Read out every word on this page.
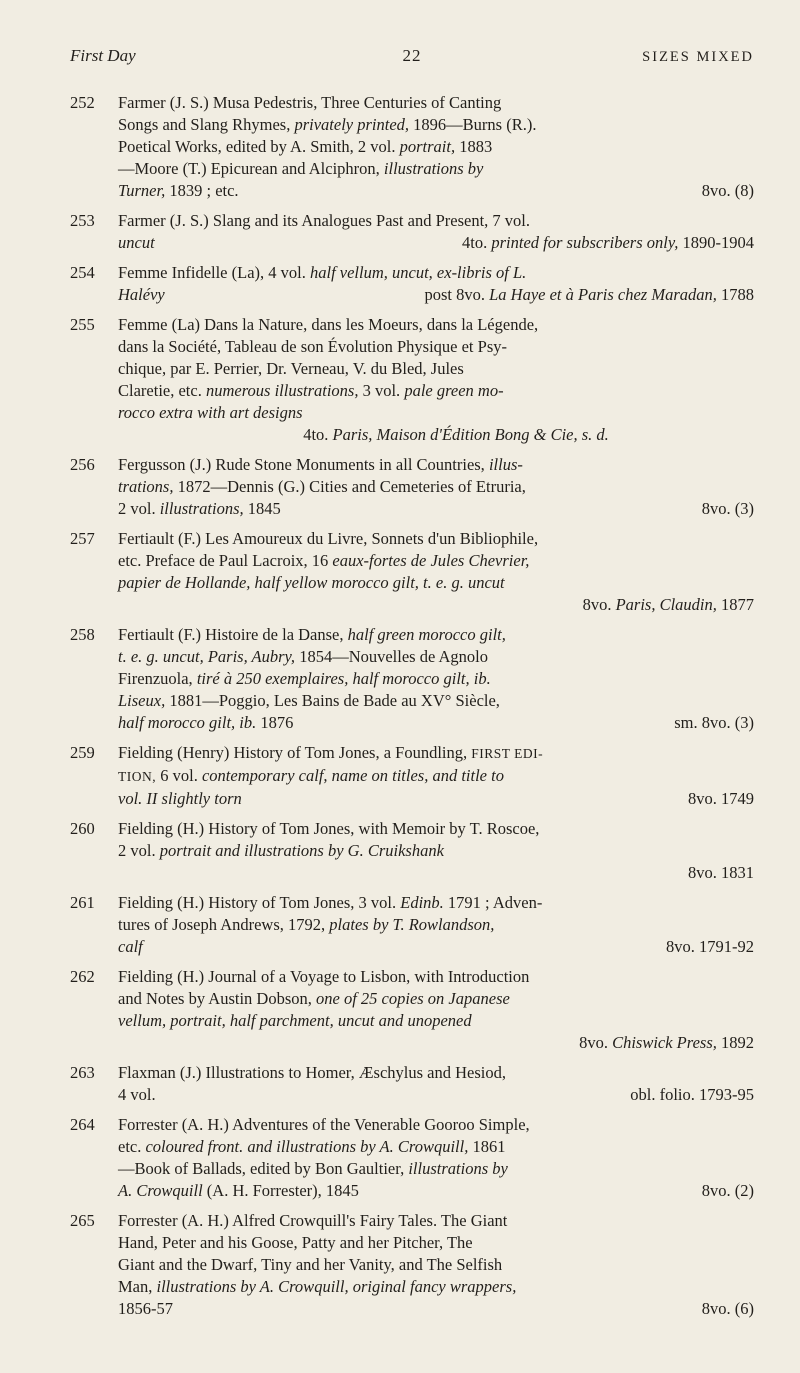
First Day	22	SIZES MIXED
252	Farmer (J. S.) Musa Pedestris, Three Centuries of Canting
Songs and Slang Rhymes, privately printed, 1896—Burns (R.).
Poetical Works, edited by A. Smith, 2 vol. portrait, 1883
—Moore (T.) Epicurean and Alciphron, illustrations by
Turner, 1839 ; etc.	8vo. (8)
253	Farmer (J. S.) Slang and its Analogues Past and Present, 7 vol.
uncut	4to. printed for subscribers only, 1890-1904
254	Femme Infidelle (La), 4 vol. half vellum, uncut, ex-libris of L.
Halévy	post 8vo. La Haye et à Paris chez Maradan, 1788
255	Femme (La) Dans la Nature, dans les Moeurs, dans la Légende,
dans la Société, Tableau de son Évolution Physique et Psy-
chique, par E. Perrier, Dr. Verneau, V. du Bled, Jules
Claretie, etc. numerous illustrations, 3 vol. pale green mo-
rocco extra with art designs
4to. Paris, Maison d'Édition Bong & Cie, s. d.
256	Fergusson (J.) Rude Stone Monuments in all Countries, illus-
trations, 1872—Dennis (G.) Cities and Cemeteries of Etruria,
2 vol. illustrations, 1845	8vo. (3)
257	Fertiault (F.) Les Amoureux du Livre, Sonnets d'un Bibliophile,
etc. Preface de Paul Lacroix, 16 eaux-fortes de Jules Chevrier,
papier de Hollande, half yellow morocco gilt, t. e. g. uncut
8vo. Paris, Claudin, 1877
258	Fertiault (F.) Histoire de la Danse, half green morocco gilt,
t. e. g. uncut, Paris, Aubry, 1854—Nouvelles de Agnolo
Firenzuola, tiré à 250 exemplaires, half morocco gilt, ib.
Liseux, 1881—Poggio, Les Bains de Bade au XV° Siècle,
half morocco gilt, ib. 1876	sm. 8vo. (3)
259	Fielding (Henry) History of Tom Jones, a Foundling, FIRST EDI-
TION, 6 vol. contemporary calf, name on titles, and title to
vol. II slightly torn	8vo. 1749
260	Fielding (H.) History of Tom Jones, with Memoir by T. Roscoe,
2 vol. portrait and illustrations by G. Cruikshank
8vo. 1831
261	Fielding (H.) History of Tom Jones, 3 vol. Edinb. 1791 ; Adven-
tures of Joseph Andrews, 1792, plates by T. Rowlandson,
calf	8vo. 1791-92
262	Fielding (H.) Journal of a Voyage to Lisbon, with Introduction
and Notes by Austin Dobson, one of 25 copies on Japanese
vellum, portrait, half parchment, uncut and unopened
8vo. Chiswick Press, 1892
263	Flaxman (J.) Illustrations to Homer, Æschylus and Hesiod,
4 vol.	obl. folio. 1793-95
264	Forrester (A. H.) Adventures of the Venerable Gooroo Simple,
etc. coloured front. and illustrations by A. Crowquill, 1861
—Book of Ballads, edited by Bon Gaultier, illustrations by
A. Crowquill (A. H. Forrester), 1845	8vo. (2)
265	Forrester (A. H.) Alfred Crowquill's Fairy Tales. The Giant
Hand, Peter and his Goose, Patty and her Pitcher, The
Giant and the Dwarf, Tiny and her Vanity, and The Selfish
Man, illustrations by A. Crowquill, original fancy wrappers,
1856-57	8vo. (6)
